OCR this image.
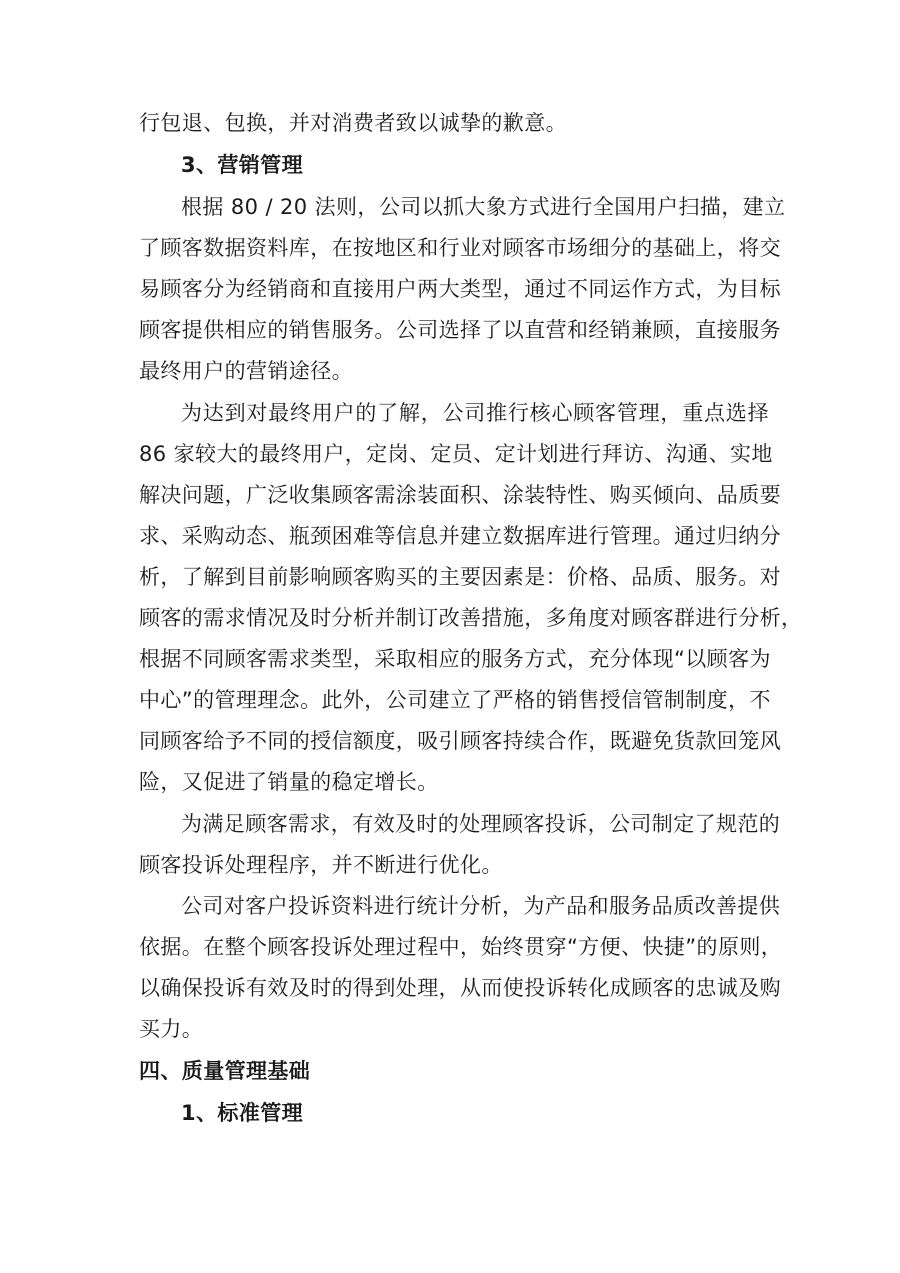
行包退、包换，并对消费者致以诚挚的歉意。
3、营销管理
根据 80 / 20 法则，公司以抓大象方式进行全国用户扫描，建立
了顾客数据资料库，在按地区和行业对顾客市场细分的基础上，将交
易顾客分为经销商和直接用户两大类型，通过不同运作方式，为目标
顾客提供相应的销售服务。公司选择了以直营和经销兼顾，直接服务
最终用户的营销途径。
为达到对最终用户的了解，公司推行核心顾客管理，重点选择
86 家较大的最终用户，定岗、定员、定计划进行拜访、沟通、实地
解决问题，广泛收集顾客需涂装面积、涂装特性、购买倾向、品质要
求、采购动态、瓶颈困难等信息并建立数据库进行管理。通过归纳分
析，了解到目前影响顾客购买的主要因素是：价格、品质、服务。对
顾客的需求情况及时分析并制订改善措施，多角度对顾客群进行分析，
根据不同顾客需求类型，采取相应的服务方式，充分体现“以顾客为
中心”的管理理念。此外，公司建立了严格的销售授信管制制度，不
同顾客给予不同的授信额度，吸引顾客持续合作，既避免货款回笼风
险，又促进了销量的稳定增长。
为满足顾客需求，有效及时的处理顾客投诉，公司制定了规范的
顾客投诉处理程序，并不断进行优化。
公司对客户投诉资料进行统计分析，为产品和服务品质改善提供
依据。在整个顾客投诉处理过程中，始终贯穿“方便、快捷”的原则，
以确保投诉有效及时的得到处理，从而使投诉转化成顾客的忠诚及购
买力。
四、质量管理基础
1、标准管理
